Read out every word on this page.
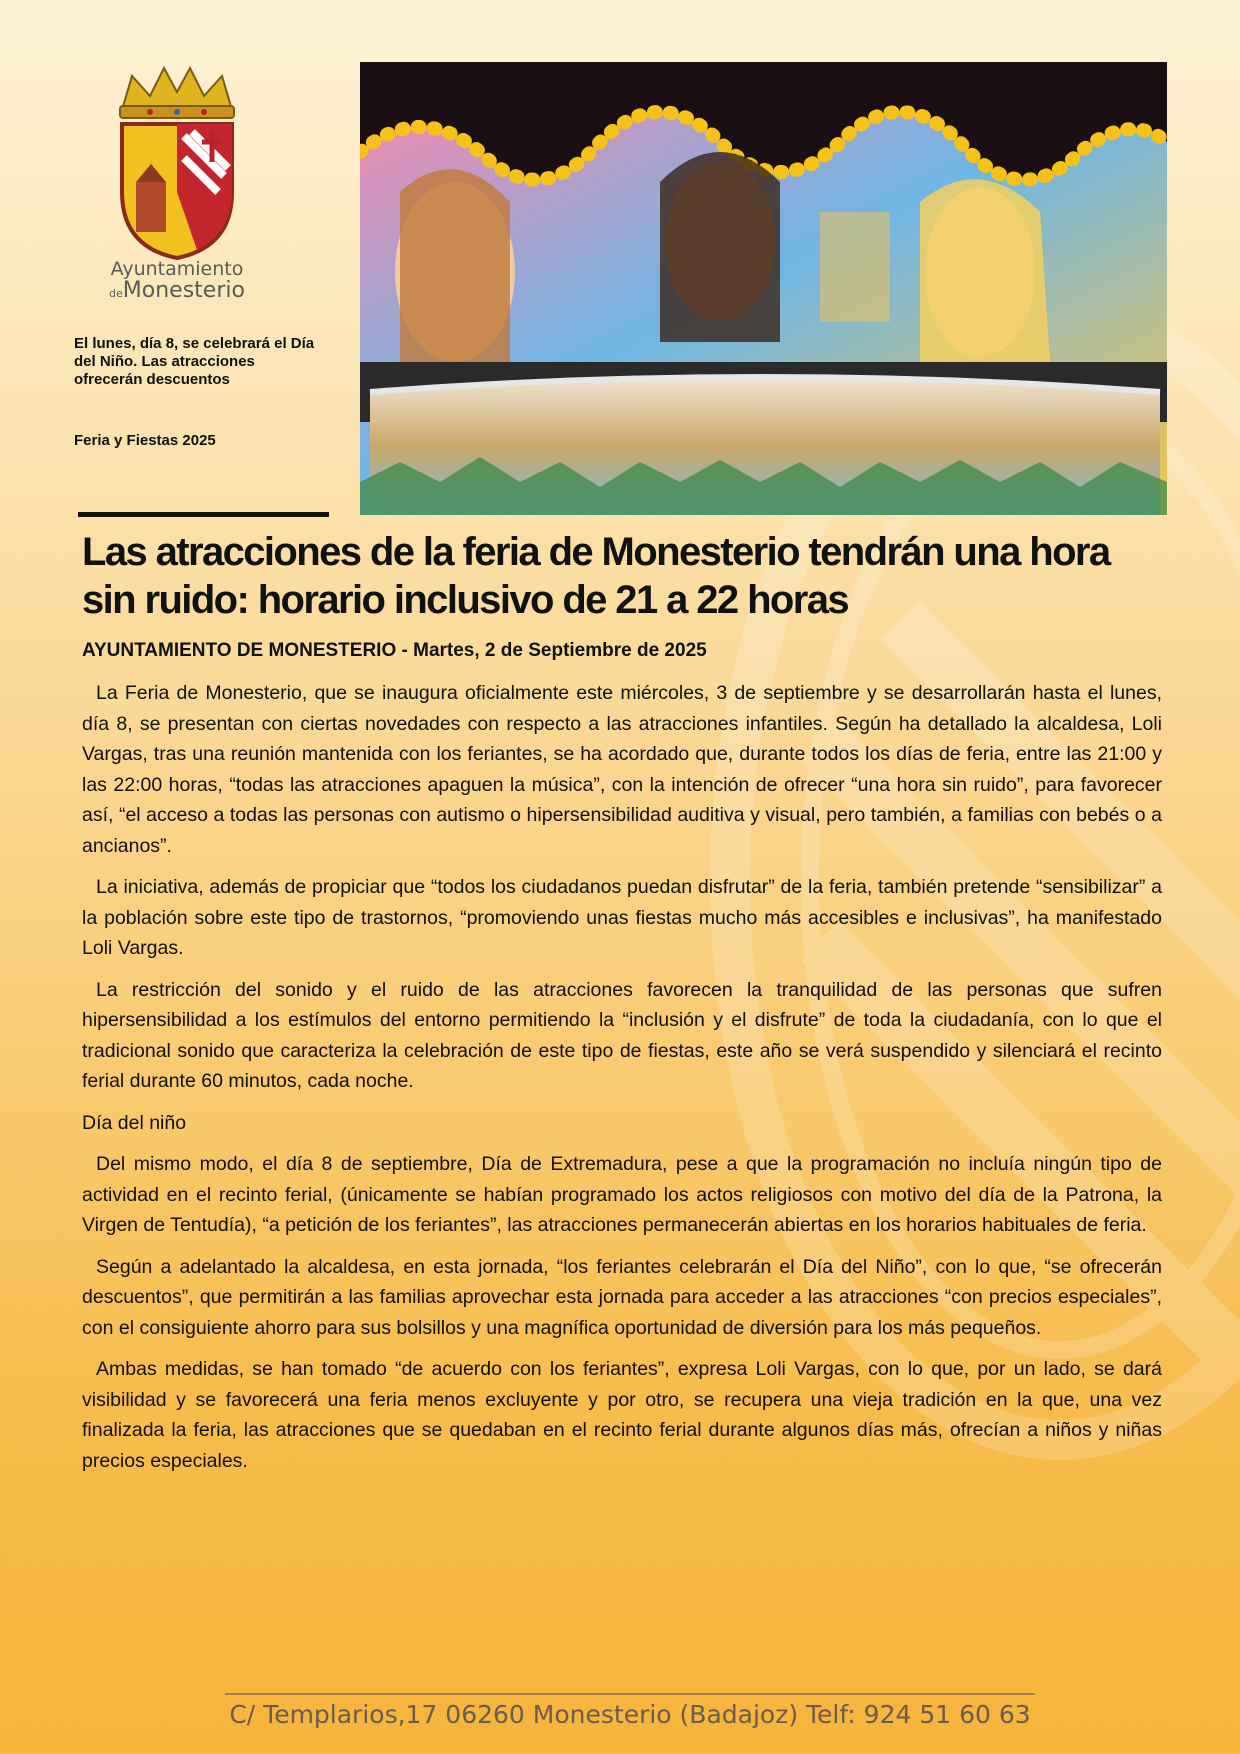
Ayuntamiento
deMonesterio
El lunes, día 8, se celebrará el Día del Niño. Las atracciones ofrecerán descuentos
Feria y Fiestas 2025
Las atracciones de la feria de Monesterio tendrán una hora sin ruido: horario inclusivo de 21 a 22 horas
AYUNTAMIENTO DE MONESTERIO - Martes, 2 de Septiembre de 2025

La Feria de Monesterio, que se inaugura oficialmente este miércoles, 3 de septiembre y se desarrollarán hasta el lunes, día 8, se presentan con ciertas novedades con respecto a las atracciones infantiles. Según ha detallado la alcaldesa, Loli Vargas, tras una reunión mantenida con los feriantes, se ha acordado que, durante todos los días de feria, entre las 21:00 y las 22:00 horas, “todas las atracciones apaguen la música”, con la intención de ofrecer “una hora sin ruido”, para favorecer así, “el acceso a todas las personas con autismo o hipersensibilidad auditiva y visual, pero también, a familias con bebés o a ancianos”.

La iniciativa, además de propiciar que “todos los ciudadanos puedan disfrutar” de la feria, también pretende “sensibilizar” a la población sobre este tipo de trastornos, “promoviendo unas fiestas mucho más accesibles e inclusivas”, ha manifestado Loli Vargas.

La restricción del sonido y el ruido de las atracciones favorecen la tranquilidad de las personas que sufren hipersensibilidad a los estímulos del entorno permitiendo la “inclusión y el disfrute” de toda la ciudadanía, con lo que el tradicional sonido que caracteriza la celebración de este tipo de fiestas, este año se verá suspendido y silenciará el recinto ferial durante 60 minutos, cada noche.

Día del niño

Del mismo modo, el día 8 de septiembre, Día de Extremadura, pese a que la programación no incluía ningún tipo de actividad en el recinto ferial, (únicamente se habían programado los actos religiosos con motivo del día de la Patrona, la Virgen de Tentudía), “a petición de los feriantes”, las atracciones permanecerán abiertas en los horarios habituales de feria.

Según a adelantado la alcaldesa, en esta jornada, “los feriantes celebrarán el Día del Niño”, con lo que, “se ofrecerán descuentos”, que permitirán a las familias aprovechar esta jornada para acceder a las atracciones “con precios especiales”, con el consiguiente ahorro para sus bolsillos y una magnífica oportunidad de diversión para los más pequeños.

Ambas medidas, se han tomado “de acuerdo con los feriantes”, expresa Loli Vargas, con lo que, por un lado, se dará visibilidad y se favorecerá una feria menos excluyente y por otro, se recupera una vieja tradición en la que, una vez finalizada la feria, las atracciones que se quedaban en el recinto ferial durante algunos días más, ofrecían a niños y niñas precios especiales.

C/ Templarios,17 06260 Monesterio (Badajoz) Telf: 924 51 60 63
